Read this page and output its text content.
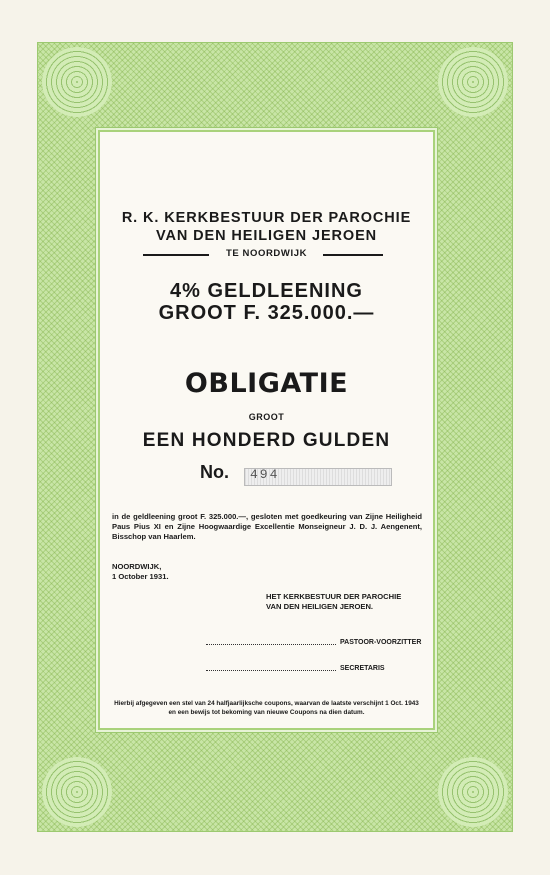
R. K. KERKBESTUUR DER PAROCHIE
VAN DEN HEILIGEN JEROEN
TE NOORDWIJK
4% GELDLEENING
GROOT F. 325.000.—
OBLIGATIE
GROOT
EEN HONDERD GULDEN
No. 494
in de geldleening groot F. 325.000.—, gesloten met goedkeuring van Zijne Heiligheid Paus Pius XI en Zijne Hoogwaardige Excellentie Monseigneur J. D. J. Aengenent, Bisschop van Haarlem.
NOORDWIJK,
1 October 1931.
HET KERKBESTUUR DER PAROCHIE
VAN DEN HEILIGEN JEROEN.
PASTOOR-VOORZITTER
SECRETARIS
Hierbij afgegeven een stel van 24 halfjaarlijksche coupons, waarvan de laatste verschijnt 1 Oct. 1943
en een bewijs tot bekoming van nieuwe Coupons na dien datum.
